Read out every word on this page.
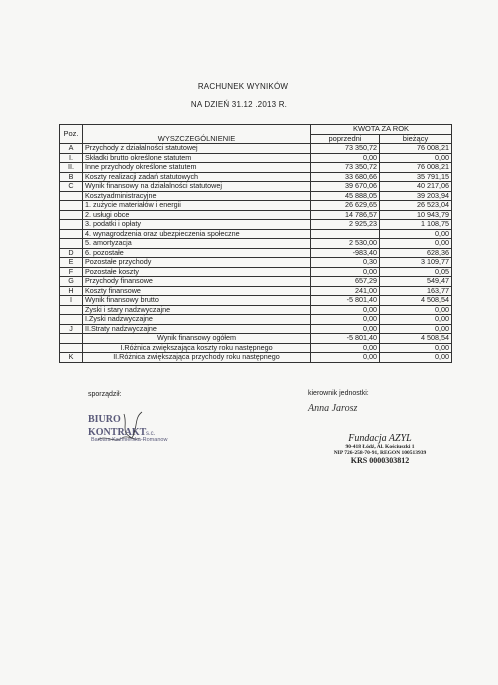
RACHUNEK WYNIKÓW
NA DZIEŃ 31.12 .2013 R.
Poz.	WYSZCZEGÓLNIENIE	KWOTA ZA ROK	
		poprzedni	bieżący
A	Przychody z działalności statutowej	73 350,72	76 008,21
I.	Składki brutto określone statutem	0,00	0,00
II.	Inne przychody określone statutem	73 350,72	76 008,21
B	Koszty realizacji zadań statutowych	33 680,66	35 791,15
C	Wynik finansowy na działalności statutowej	39 670,06	40 217,06
	Kosztyadministracyjne	45 888,05	39 203,94
	1. zużycie materiałów i energii	26 629,65	26 523,04
	2. usługi obce	14 786,57	10 943,79
	3. podatki i opłaty	2 925,23	1 108,75
	4. wynagrodzenia oraz ubezpieczenia społeczne		0,00
	5. amortyzacja	2 530,00	0,00
D	6. pozostałe	-983,40	628,36
E	Pozostałe przychody	0,30	3 109,77
F	Pozostałe koszty	0,00	0,05
G	Przychody finansowe	657,29	549,47
H	Koszty finansowe	241,00	163,77
I	Wynik finansowy brutto	-5 801,40	4 508,54
	Zyski i stary nadzwyczajne	0,00	0,00
	I.Zyski nadzwyczajne	0,00	0,00
J	II.Straty nadzwyczajne	0,00	0,00
	Wynik finansowy ogółem	-5 801,40	4 508,54
	I.Różnica zwiększająca koszty roku następnego	0,00	0,00
K	II.Różnica zwiększająca przychody roku następnego	0,00	0,00
sporządził:	kierownik jednostki:
BIURO
KONTRAKT s.c.
Barbara Kaźmierska-Romanow
Anna Jarosz
Fundacja AZYL
90-418 Łódź, Al. Kościuszki 1
NIP 726-258-70-91, REGON 100513939
KRS 0000303812
